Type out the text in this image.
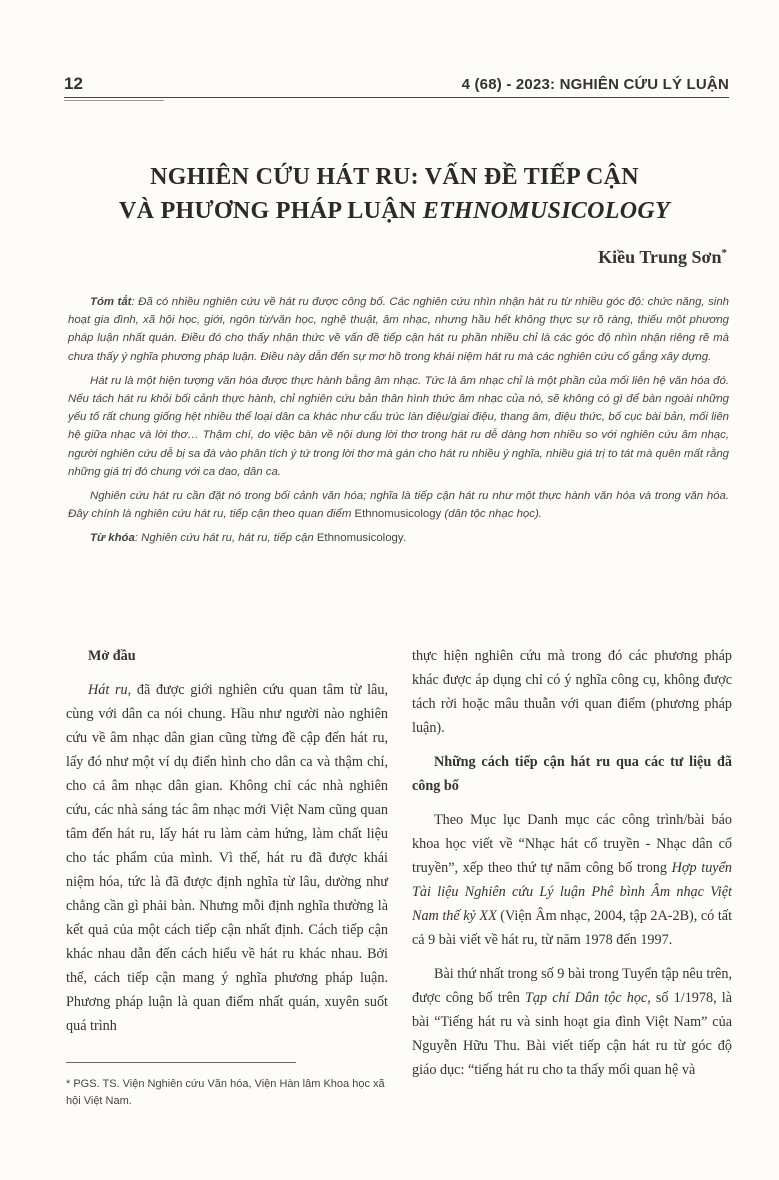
12	4 (68) - 2023: NGHIÊN CỨU LÝ LUẬN
NGHIÊN CỨU HÁT RU: VẤN ĐỀ TIẾP CẬN
VÀ PHƯƠNG PHÁP LUẬN ETHNOMUSICOLOGY
Kiều Trung Sơn*

Tóm tắt: Đã có nhiều nghiên cứu về hát ru được công bố. Các nghiên cứu nhìn nhận hát ru từ nhiều góc độ: chức năng, sinh hoạt gia đình, xã hội học, giới, ngôn từ/văn học, nghệ thuật, âm nhạc, nhưng hầu hết không thực sự rõ ràng, thiếu một phương pháp luận nhất quán. Điều đó cho thấy nhận thức về vấn đề tiếp cận hát ru phần nhiều chỉ là các góc độ nhìn nhận riêng rẽ mà chưa thấy ý nghĩa phương pháp luận. Điều này dẫn đến sự mơ hồ trong khái niệm hát ru mà các nghiên cứu cố gắng xây dựng.

Hát ru là một hiện tượng văn hóa được thực hành bằng âm nhạc. Tức là âm nhạc chỉ là một phần của mối liên hệ văn hóa đó. Nếu tách hát ru khỏi bối cảnh thực hành, chỉ nghiên cứu bản thân hình thức âm nhạc của nó, sẽ không có gì để bàn ngoài những yếu tố rất chung giống hệt nhiều thể loại dân ca khác như cấu trúc làn điệu/giai điệu, thang âm, điệu thức, bố cục bài bản, mối liên hệ giữa nhạc và lời thơ… Thậm chí, do việc bàn về nội dung lời thơ trong hát ru dễ dàng hơn nhiều so với nghiên cứu âm nhạc, người nghiên cứu dễ bị sa đà vào phân tích ý tứ trong lời thơ mà gán cho hát ru nhiều ý nghĩa, nhiều giá trị to tát mà quên mất rằng những giá trị đó chung với ca dao, dân ca.

Nghiên cứu hát ru cần đặt nó trong bối cảnh văn hóa; nghĩa là tiếp cận hát ru như một thực hành văn hóa và trong văn hóa. Đây chính là nghiên cứu hát ru, tiếp cận theo quan điểm Ethnomusicology (dân tộc nhạc học).

Từ khóa: Nghiên cứu hát ru, hát ru, tiếp cận Ethnomusicology.

Mở đầu

Hát ru, đã được giới nghiên cứu quan tâm từ lâu, cùng với dân ca nói chung. Hầu như người nào nghiên cứu về âm nhạc dân gian cũng từng đề cập đến hát ru, lấy đó như một ví dụ điển hình cho dân ca và thậm chí, cho cả âm nhạc dân gian. Không chỉ các nhà nghiên cứu, các nhà sáng tác âm nhạc mới Việt Nam cũng quan tâm đến hát ru, lấy hát ru làm cảm hứng, làm chất liệu cho tác phẩm của mình. Vì thế, hát ru đã được khái niệm hóa, tức là đã được định nghĩa từ lâu, dường như chẳng cần gì phải bàn. Nhưng mỗi định nghĩa thường là kết quả của một cách tiếp cận nhất định. Cách tiếp cận khác nhau dẫn đến cách hiểu về hát ru khác nhau. Bởi thế, cách tiếp cận mang ý nghĩa phương pháp luận. Phương pháp luận là quan điểm nhất quán, xuyên suốt quá trình

thực hiện nghiên cứu mà trong đó các phương pháp khác được áp dụng chỉ có ý nghĩa công cụ, không được tách rời hoặc mâu thuẫn với quan điểm (phương pháp luận).

Những cách tiếp cận hát ru qua các tư liệu đã công bố

Theo Mục lục Danh mục các công trình/bài báo khoa học viết về “Nhạc hát cổ truyền - Nhạc dân cổ truyền”, xếp theo thứ tự năm công bố trong Hợp tuyển Tài liệu Nghiên cứu Lý luận Phê bình Âm nhạc Việt Nam thế kỷ XX (Viện Âm nhạc, 2004, tập 2A-2B), có tất cả 9 bài viết về hát ru, từ năm 1978 đến 1997.

Bài thứ nhất trong số 9 bài trong Tuyển tập nêu trên, được công bố trên Tạp chí Dân tộc học, số 1/1978, là bài “Tiếng hát ru và sinh hoạt gia đình Việt Nam” của Nguyễn Hữu Thu. Bài viết tiếp cận hát ru từ góc độ giáo dục: “tiếng hát ru cho ta thấy mối quan hệ và

* PGS. TS. Viện Nghiên cứu Văn hóa, Viện Hàn lâm Khoa học xã hội Việt Nam.
